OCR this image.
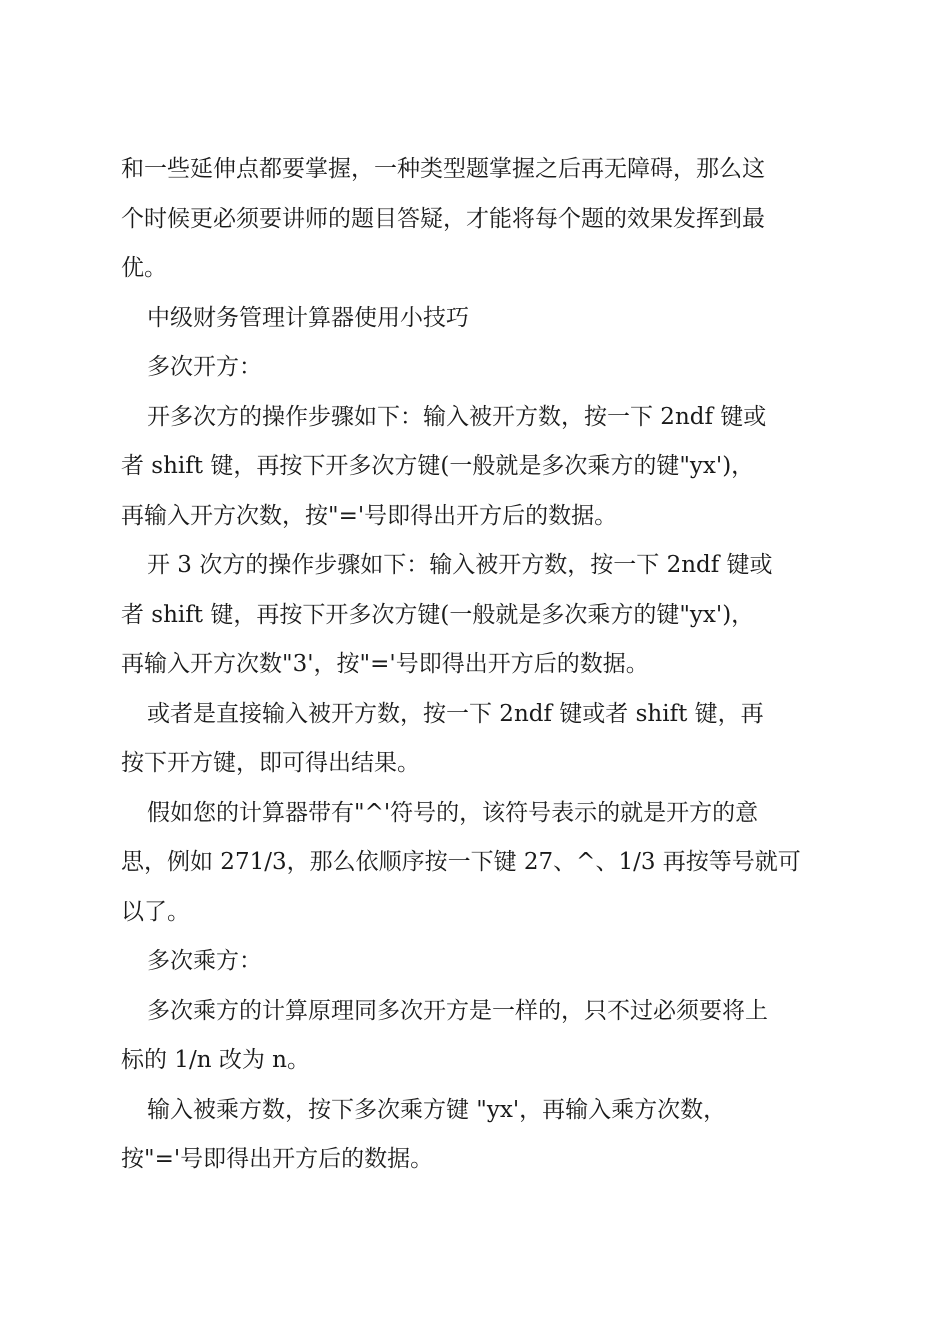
和一些延伸点都要掌握，一种类型题掌握之后再无障碍，那么这
个时候更必须要讲师的题目答疑，才能将每个题的效果发挥到最
优。
中级财务管理计算器使用小技巧
多次开方：
开多次方的操作步骤如下：输入被开方数，按一下 2ndf 键或
者 shift 键，再按下开多次方键(一般就是多次乘方的键"yx')，
再输入开方次数，按"='号即得出开方后的数据。
开 3 次方的操作步骤如下：输入被开方数，按一下 2ndf 键或
者 shift 键，再按下开多次方键(一般就是多次乘方的键"yx')，
再输入开方次数"3'，按"='号即得出开方后的数据。
或者是直接输入被开方数，按一下 2ndf 键或者 shift 键，再
按下开方键，即可得出结果。
假如您的计算器带有"^'符号的，该符号表示的就是开方的意
思，例如 271/3，那么依顺序按一下键 27、^、1/3 再按等号就可
以了。
多次乘方：
多次乘方的计算原理同多次开方是一样的，只不过必须要将上
标的 1/n 改为 n。
输入被乘方数，按下多次乘方键 "yx'，再输入乘方次数，
按"='号即得出开方后的数据。
